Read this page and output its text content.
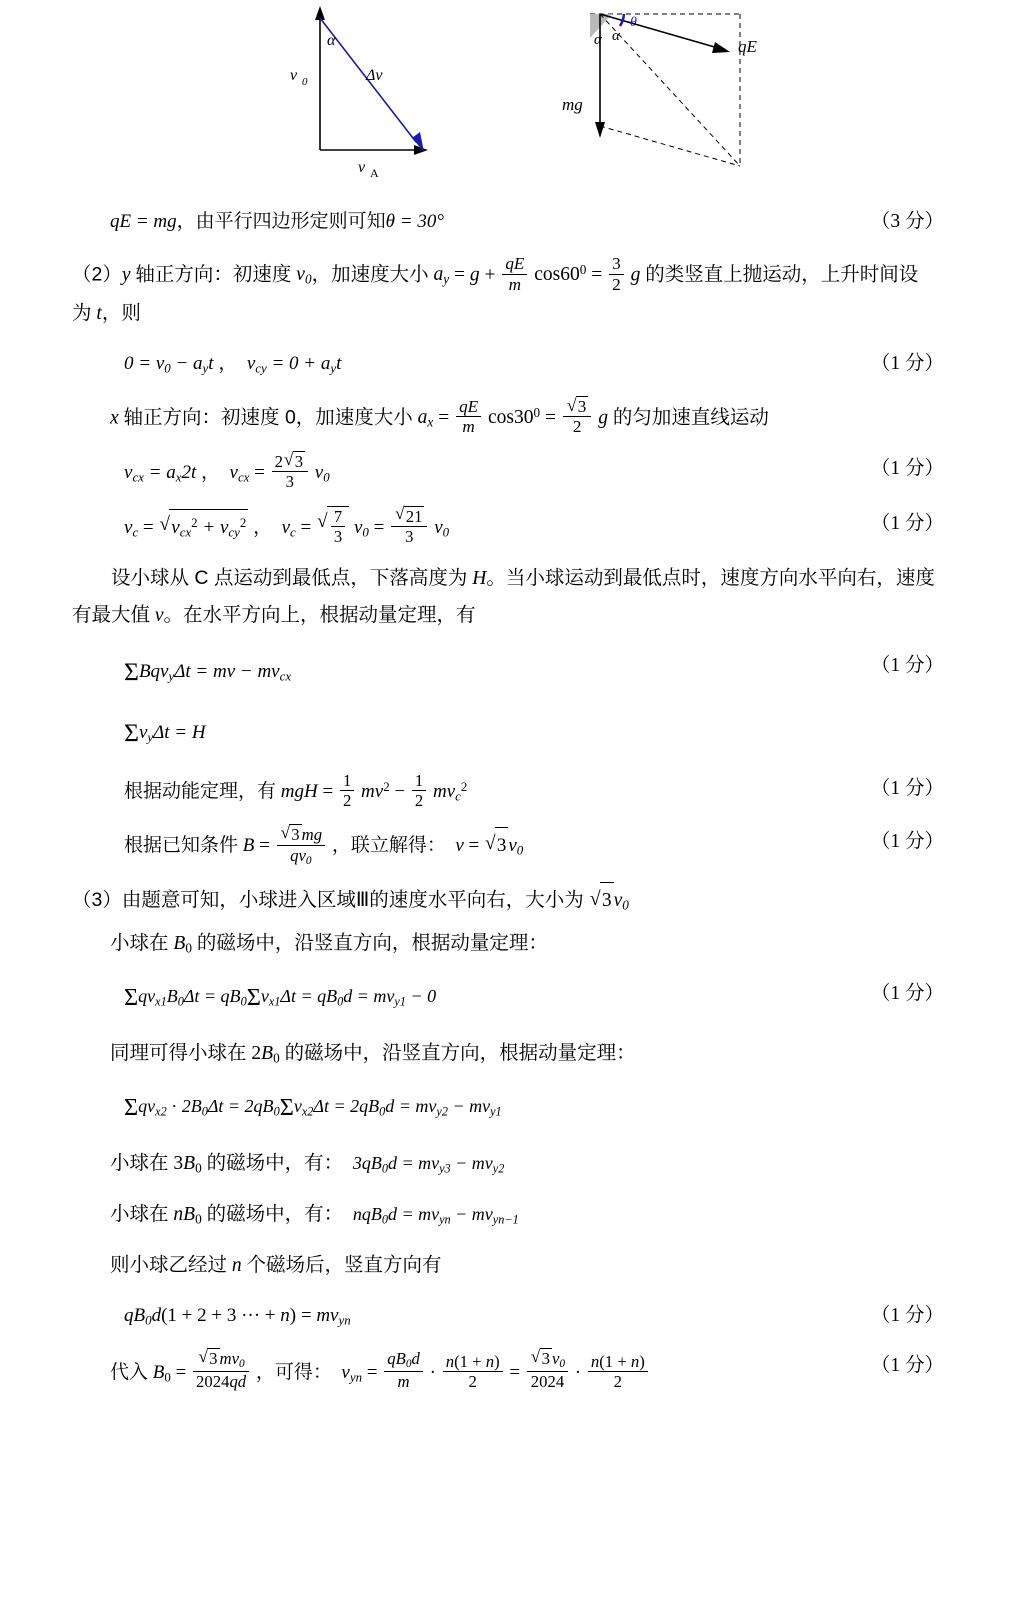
α
v 0	Δv
v A
α α
θ
qE
mg
qE = mg，由平行四边形定则可知θ = 30°	（3 分）
（2）y 轴正方向：初速度 $v_0$，加速度大小 $a_y = g + \frac{qE}{m} \cos 60^0 = \frac{3}{2}$ g 的类竖直上抛运动，上升时间设为 t，则
$0 = v_0 - a_yt$ ，  $v_{cy} = 0 + a_yt$	（1 分）
x 轴正方向：初速度 0，加速度大小 $a_x = \frac{qE}{m} \cos 30^0$ = √ $\frac{3}{2}$ g 的匀加速直线运动
$v_{cx} = a_x2t$ ，  $v_{cx} = \frac{2 √ 3}{3} v_0$	（1 分）
$v_c$ = √ $v_{cx}^2 + v_{cy}^2$ ，  $v_c$ = √ $\frac{7}{3} v_0$ = √ $\frac{21}{3} v_0$	（1 分）
设小球从 C 点运动到最低点，下落高度为 H。当小球运动到最低点时，速度方向水平向右，速度有最大值 v。在水平方向上，根据动量定理，有
ΣBqv$_y$Δt = mv − $mv_{cx}$
（1 分）
$\Sigma v_y\Delta t = H$
根据动能定理，有 mgH = $\frac{1}{2} mv^2 - \frac{1}{2} mv_c^2$	（1 分）
根据已知条件 B = √ $\frac{3 mg}{qv_0}$ ，联立解得： v = √ 3 $v_0$	（1 分）
（3）由题意可知，小球进入区域Ⅲ的速度水平向右，大小为 √ 3 $v_0$
小球在 $B_0$ 的磁场中，沿竖直方向，根据动量定理：
$\Sigma qv_{x1}B_0\Delta t = qB_0\Sigma v_{x1}\Delta t = qB_0d = mv_{y1} - 0$	（1 分）
同理可得小球在 $2B_0$ 的磁场中，沿竖直方向，根据动量定理：
$\Sigma qv_{x2} \cdot 2B_0\Delta t = 2qB_0\Sigma v_{x2}\Delta t = 2qB_0d = mv_{y2} - mv_{y1}$
小球在 $3B_0$ 的磁场中，有： $3qB_0d = mv_{y3} - mv_{y2}$
小球在 $nB_0$ 的磁场中，有： $nqB_0d = mv_{yn} - mv_{yn-1}$
则小球乙经过 n 个磁场后，竖直方向有
$qB_0d(1 + 2 + 3$ ··· + $n) = mv_{yn}$	（1 分）
代入 $B_0$ = √ $\frac{3 mv_0}{2024qd}$ ，可得： $v_{yn} = \frac{qB_0d}{m} \cdot \frac{n(1 + n)}{2}$ = √ $\frac{3 v_0}{2024} \cdot \frac{n(1 + n)}{2}$	（1 分）
